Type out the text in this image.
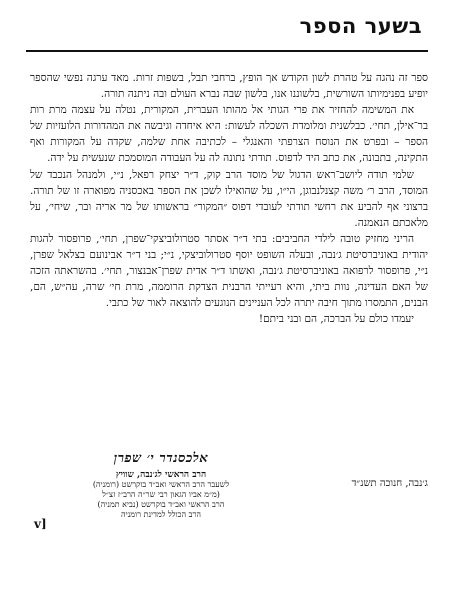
בשער הספר

ספר זה נהגה על טהרת לשון הקודש אך הופץ, ברחבי תבל, בשפות זרות. מאד ערגה נפשי שהספר יופיע בפנימיותו השורשית, בלשוננו אנו, בלשון שבה נברא העולם ובה ניתנה תורה.

את המשימה להחזיר את פרי הגותי אל מהותו העברית, המקורית, נטלה על עצמה מרת רות בר־אילן, תחי׳. כבלשנית ומלומדת השכלה לעשות: היא איחדה וגיבשה את המהדורות הלועזיות של הספר – ובפרט את הנוסח הצרפתי והאנגלי – לכתיבה אחת שלמה, שקדה על המקורות ואף התקינה, בתבונה, את כתב היד לדפוס. תודתי נתונה לה על העבודה המוסמכת שנעשית על ידה.

שלמי תודה ליושב־ראש הדגול של מוסד הרב קוק, ד״ר יצחק רפאל, נ״י, ולמנהל הנכבד של המוסד, הרב ר׳ משה קצנלנבוגן, הי״ו, על שהואילו לשכן את הספר באכסניה מפוארה זו של תורה. ברצוני אף להביע את רחשי תודתי לעובדי דפוס ״המקור״ בראשותו של מר אריה ובר, שיחי׳, על מלאכתם הנאמנה.

הריני מחזיק טובה לילדי החביבים: בתי ד״ר אסתר סטרולוביצקי־שפרן, תחי׳, פרופסור להגות יהודית באוניברסיטת ג׳נבה, ובעלה השופט יוסף סטרולוביצקי, נ״י; בני ד״ר אבינועם בצלאל שפרן, נ״י, פרופסור לרפואה באוניברסיטת ג׳נבה, ואשתו ד״ר אדית שפרן־אבנצור, תחי׳. בהשראתה הזכה של האם העדינה, נוות ביתי, והיא רעייתי הרבנית הצדקת הרוממה, מרת חי׳ שרה, עה״ש, הם, הבנים, התמסרו מתוך חיבה יתרה לכל העניינים הנוגעים להוצאה לאור של כתבי.

יעמדו כולם על הברכה, הם ובני ביתם!

ג׳נבה, חנוכה תשנ״ד
אלכסנדר י׳ שפרן
הרב הראשי לג׳נבה, שוויץ
לשעבר הרב הראשי ואב״ד בוקרשט (רומניה)
(מ״מ אביו הגאון רבי שר״ה הרב״ז זצ״ל
הרב הראשי ואב״ד בוקרשט (נביא תמניה)
הרב הכולל למדינת רומניה
v]
